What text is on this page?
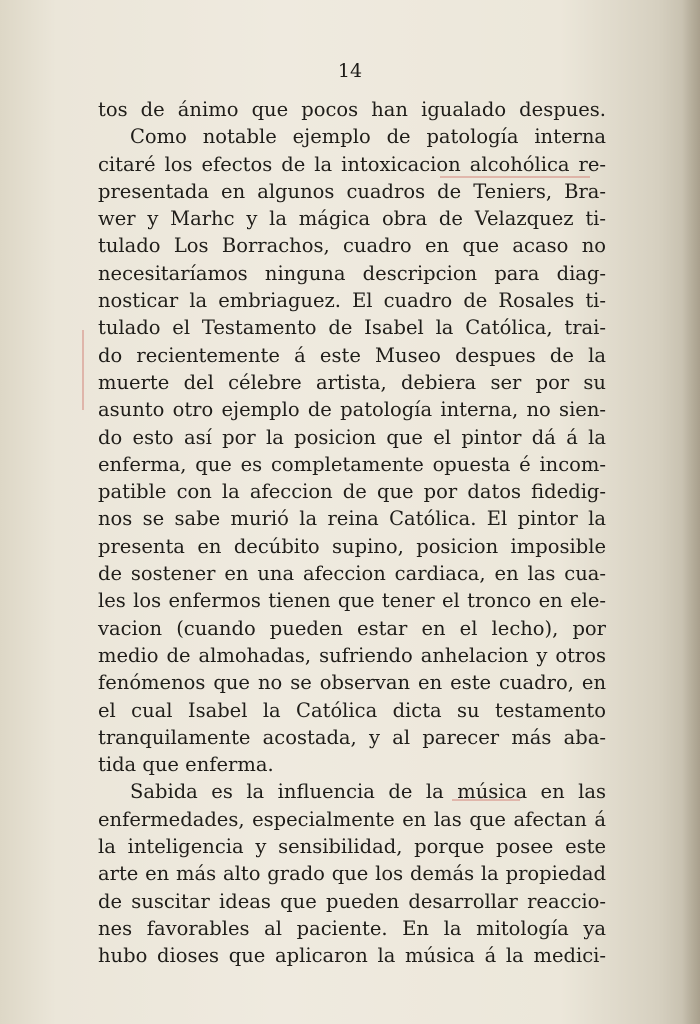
14
tos de ánimo que pocos han igualado despues.
Como notable ejemplo de patología interna
citaré los efectos de la intoxicacion alcohólica re-
presentada en algunos cuadros de Teniers, Bra-
wer y Marhc y la mágica obra de Velazquez ti-
tulado Los Borrachos, cuadro en que acaso no
necesitaríamos ninguna descripcion para diag-
nosticar la embriaguez. El cuadro de Rosales ti-
tulado el Testamento de Isabel la Católica, trai-
do recientemente á este Museo despues de la
muerte del célebre artista, debiera ser por su
asunto otro ejemplo de patología interna, no sien-
do esto así por la posicion que el pintor dá á la
enferma, que es completamente opuesta é incom-
patible con la afeccion de que por datos fidedig-
nos se sabe murió la reina Católica. El pintor la
presenta en decúbito supino, posicion imposible
de sostener en una afeccion cardiaca, en las cua-
les los enfermos tienen que tener el tronco en ele-
vacion (cuando pueden estar en el lecho), por
medio de almohadas, sufriendo anhelacion y otros
fenómenos que no se observan en este cuadro, en
el cual Isabel la Católica dicta su testamento
tranquilamente acostada, y al parecer más aba-
tida que enferma.
Sabida es la influencia de la música en las
enfermedades, especialmente en las que afectan á
la inteligencia y sensibilidad, porque posee este
arte en más alto grado que los demás la propiedad
de suscitar ideas que pueden desarrollar reaccio-
nes favorables al paciente. En la mitología ya
hubo dioses que aplicaron la música á la medici-
